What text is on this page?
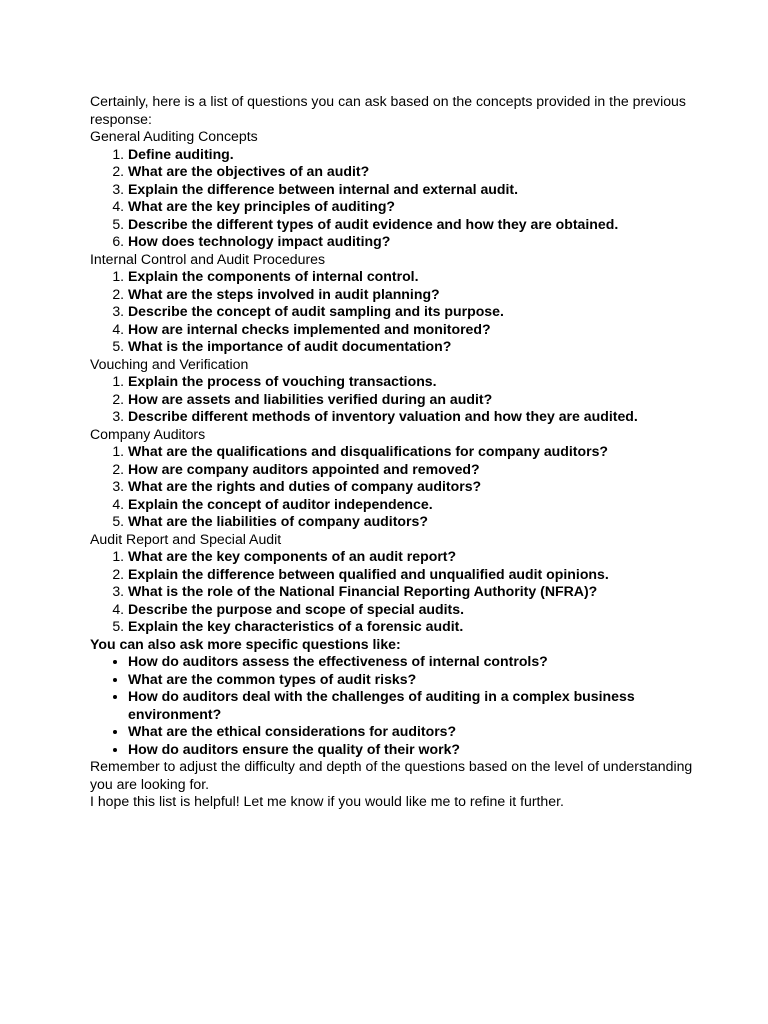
Certainly, here is a list of questions you can ask based on the concepts provided in the previous response:

General Auditing Concepts
1. Define auditing.
2. What are the objectives of an audit?
3. Explain the difference between internal and external audit.
4. What are the key principles of auditing?
5. Describe the different types of audit evidence and how they are obtained.
6. How does technology impact auditing?
Internal Control and Audit Procedures
1. Explain the components of internal control.
2. What are the steps involved in audit planning?
3. Describe the concept of audit sampling and its purpose.
4. How are internal checks implemented and monitored?
5. What is the importance of audit documentation?
Vouching and Verification
1. Explain the process of vouching transactions.
2. How are assets and liabilities verified during an audit?
3. Describe different methods of inventory valuation and how they are audited.
Company Auditors
1. What are the qualifications and disqualifications for company auditors?
2. How are company auditors appointed and removed?
3. What are the rights and duties of company auditors?
4. Explain the concept of auditor independence.
5. What are the liabilities of company auditors?
Audit Report and Special Audit
1. What are the key components of an audit report?
2. Explain the difference between qualified and unqualified audit opinions.
3. What is the role of the National Financial Reporting Authority (NFRA)?
4. Describe the purpose and scope of special audits.
5. Explain the key characteristics of a forensic audit.
You can also ask more specific questions like:
• How do auditors assess the effectiveness of internal controls?
• What are the common types of audit risks?
• How do auditors deal with the challenges of auditing in a complex business environment?
• What are the ethical considerations for auditors?
• How do auditors ensure the quality of their work?

Remember to adjust the difficulty and depth of the questions based on the level of understanding you are looking for.

I hope this list is helpful! Let me know if you would like me to refine it further.
